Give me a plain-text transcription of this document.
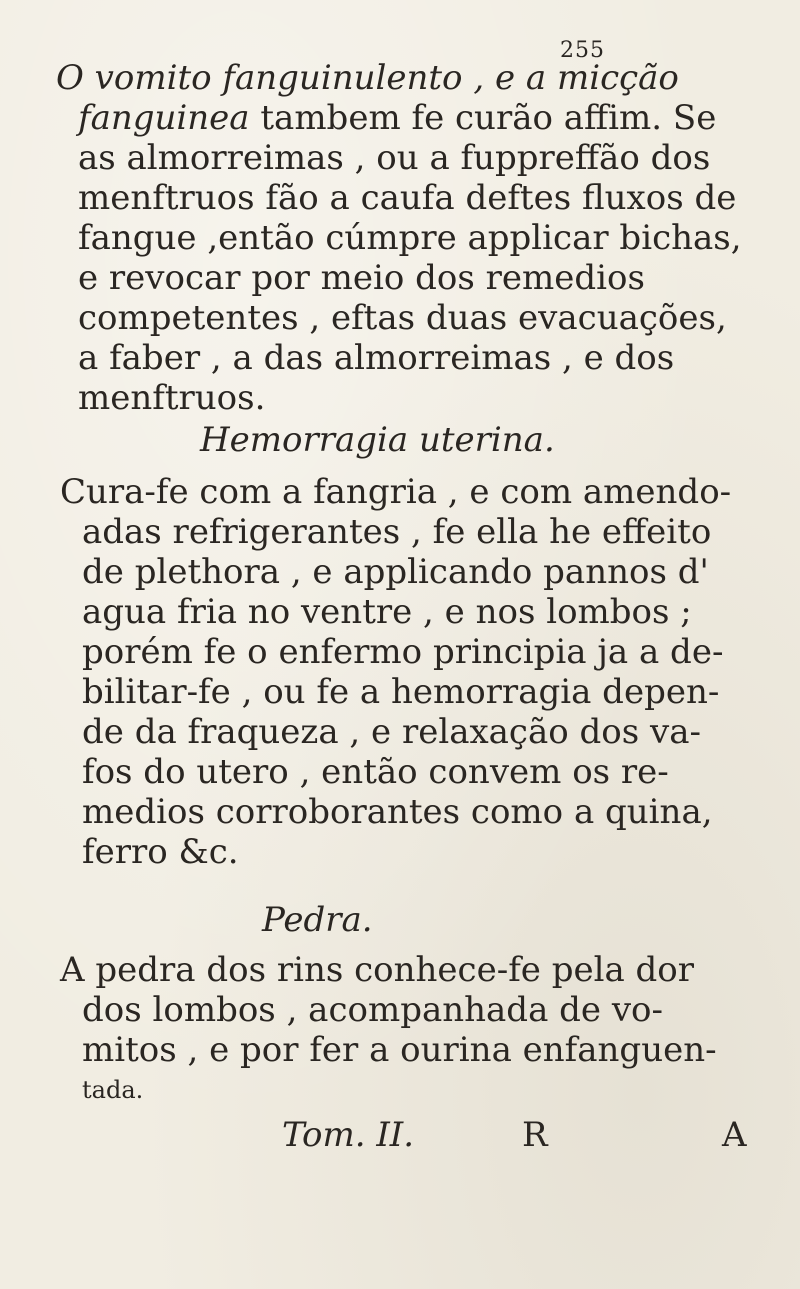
255
O vomito fanguinulento , e a micção
fanguinea tambem fe curão affim. Se
as almorreimas , ou a fuppreffão dos
menftruos fão a caufa deftes fluxos de
fangue ,então cúmpre applicar bichas,
e revocar por meio dos remedios
competentes , eftas duas evacuações,
a faber , a das almorreimas , e dos
menftruos.
Hemorragia uterina.
Cura-fe com a fangria , e com amendo-
adas refrigerantes , fe ella he effeito
de plethora , e applicando pannos d'
agua fria no ventre , e nos lombos ;
porém fe o enfermo principia ja a de-
bilitar-fe , ou fe a hemorragia depen-
de da fraqueza , e relaxação dos va-
fos do utero , então convem os re-
medios corroborantes como a quina,
ferro &c.
Pedra.
A pedra dos rins conhece-fe pela dor
dos lombos , acompanhada de vo-
mitos , e por fer a ourina enfanguen-
tada.
Tom. II.	R	A
